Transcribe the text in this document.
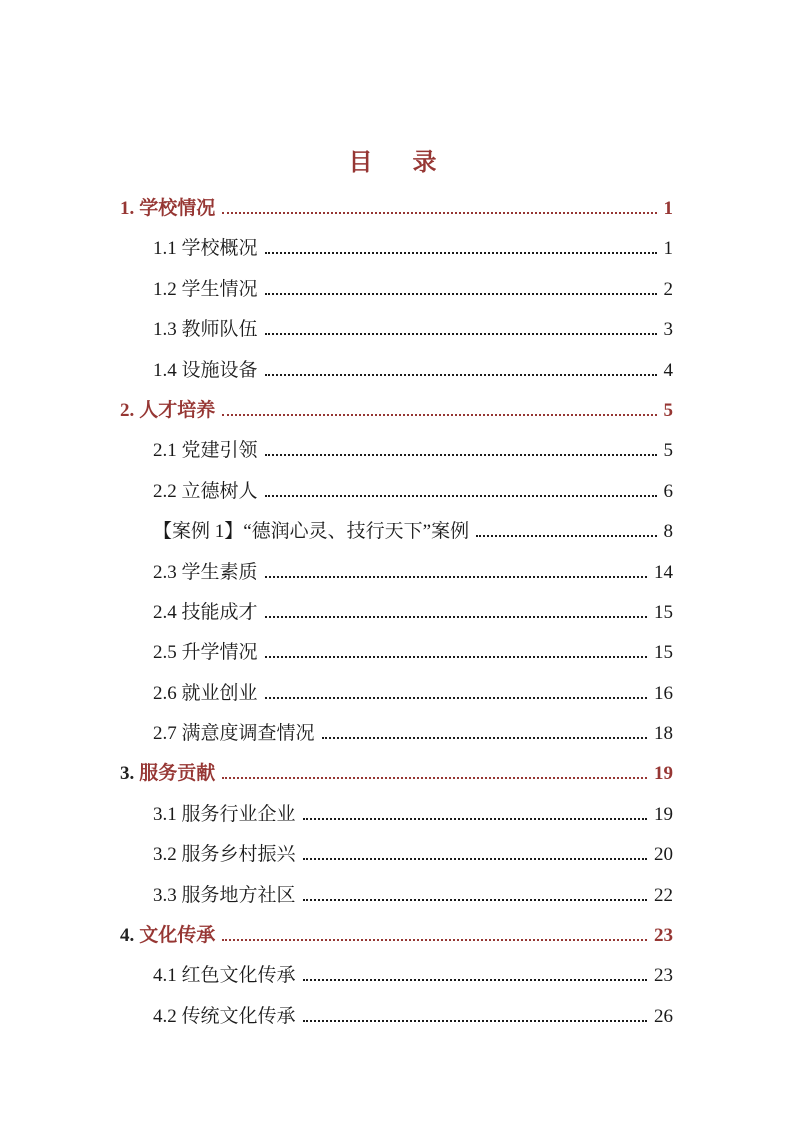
目　录
1. 学校情况	1
1.1 学校概况	1
1.2 学生情况	2
1.3 教师队伍	3
1.4 设施设备	4
2. 人才培养	5
2.1 党建引领	5
2.2 立德树人	6
【案例 1】“德润心灵、技行天下”案例	8
2.3 学生素质	14
2.4 技能成才	15
2.5 升学情况	15
2.6 就业创业	16
2.7 满意度调查情况	18
3. 服务贡献	19
3.1 服务行业企业	19
3.2 服务乡村振兴	20
3.3 服务地方社区	22
4. 文化传承	23
4.1 红色文化传承	23
4.2 传统文化传承	26
